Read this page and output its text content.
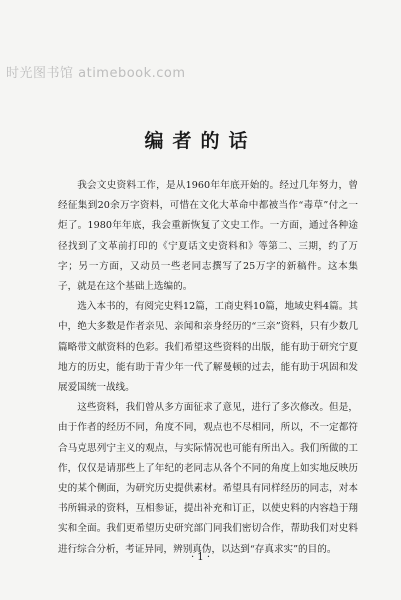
时光图书馆 atimebook.com
编者的话

我会文史资料工作，是从1960年年底开始的。经过几年努力，曾经征集到20余万字资料，可惜在文化大革命中都被当作“毒草”付之一炬了。1980年年底，我会重新恢复了文史工作。一方面，通过各种途径找到了文革前打印的《宁夏话文史资料和》等第二、三期，约了万字；另一方面，又动员一些老同志撰写了25万字的新稿件。这本集子，就是在这个基础上选编的。

选入本书的，有阅完史料12篇，工商史料10篇，地域史料4篇。其中，绝大多数是作者亲见、亲闻和亲身经历的“三亲”资料，只有少数几篇略带文献资料的色彩。我们希望这些资料的出版，能有助于研究宁夏地方的历史，能有助于青少年一代了解曼顿的过去，能有助于巩固和发展爱国统一战线。

这些资料，我们曾从多方面征求了意见，进行了多次修改。但是，由于作者的经历不同，角度不同，观点也不尽相同，所以，不一定都符合马克思列宁主义的观点，与实际情况也可能有所出入。我们所做的工作，仅仅是请那些上了年纪的老同志从各个不同的角度上如实地反映历史的某个侧面，为研究历史提供素材。希望具有同样经历的同志，对本书所辑录的资料，互相参证，提出补充和订正，以使史料的内容趋于翔实和全面。我们更希望历史研究部门同我们密切合作，帮助我们对史料进行综合分析，考证异同，辨别真伪，以达到“存真求实”的目的。

· 1 ·
